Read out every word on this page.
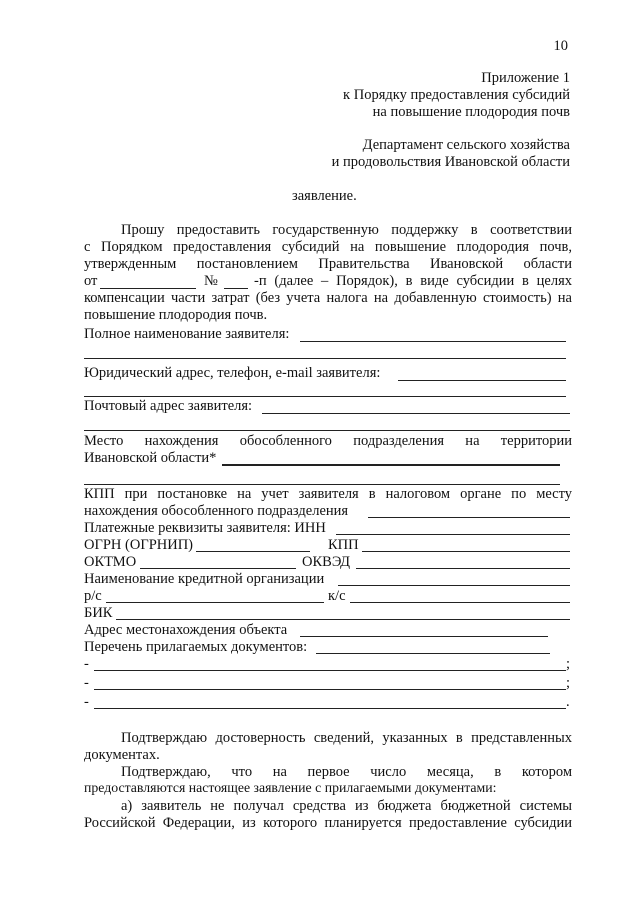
10
Приложение 1
к Порядку предоставления субсидий
на повышение плодородия почв
Департамент сельского хозяйства
и продовольствия Ивановской области
заявление.
Прошу предоставить государственную поддержку в соответствии
с Порядком предоставления субсидий на повышение плодородия почв,
утвержденным постановлением Правительства Ивановской области
от	№ -п (далее – Порядок), в виде субсидии в целях
компенсации части затрат (без учета налога на добавленную стоимость) на
повышение плодородия почв.
Полное наименование заявителя:
Юридический адрес, телефон, e-mail заявителя:
Почтовый адрес заявителя:
Место нахождения обособленного подразделения на территории
Ивановской области*
КПП при постановке на учет заявителя в налоговом органе по месту
нахождения обособленного подразделения
Платежные реквизиты заявителя: ИНН
ОГРН (ОГРНИП)	КПП
ОКТМО	ОКВЭД
Наименование кредитной организации
р/с	к/с
БИК
Адрес местонахождения объекта
Перечень прилагаемых документов:
-	;
-	;
-	.
Подтверждаю достоверность сведений, указанных в представленных
документах.
Подтверждаю, что на первое число месяца, в котором
предоставляются настоящее заявление с прилагаемыми документами:
а) заявитель не получал средства из бюджета бюджетной системы
Российской Федерации, из которого планируется предоставление субсидии
